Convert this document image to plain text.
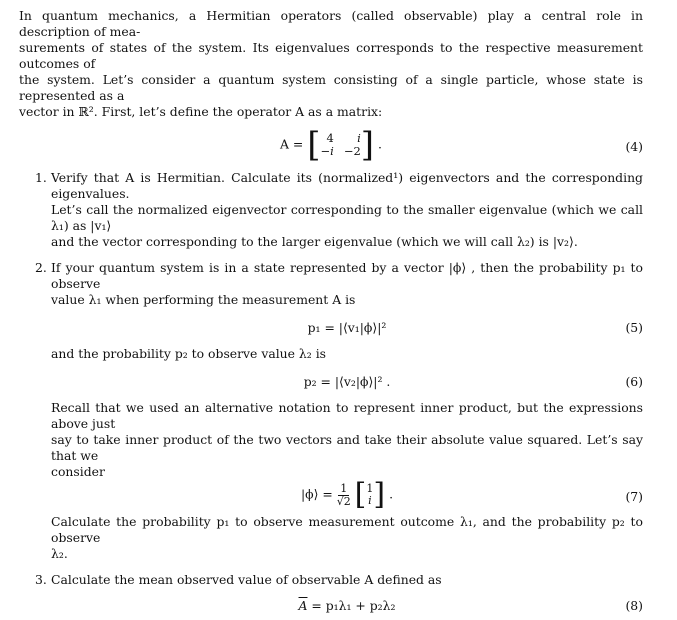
In quantum mechanics, a Hermitian operators (called observable) play a central role in description of mea-
surements of states of the system. Its eigenvalues corresponds to the respective measurement outcomes of
the system. Let’s consider a quantum system consisting of a single particle, whose state is represented as a
vector in ℝ². First, let’s define the operator A as a matrix:

A = [ 4	i
−i −2 ] .	(4)
1. Verify that A is Hermitian. Calculate its (normalized¹) eigenvectors and the corresponding eigenvalues.
Let’s call the normalized eigenvector corresponding to the smaller eigenvalue (which we call λ₁) as |v₁⟩
and the vector corresponding to the larger eigenvalue (which we will call λ₂) is |v₂⟩.
2. If your quantum system is in a state represented by a vector |ϕ⟩ , then the probability p₁ to observe
value λ₁ when performing the measurement A is
p₁ = |⟨v₁|ϕ⟩|²	(5)
and the probability p₂ to observe value λ₂ is
p₂ = |⟨v₂|ϕ⟩|² .	(6)
Recall that we used an alternative notation to represent inner product, but the expressions above just
say to take inner product of the two vectors and take their absolute value squared. Let’s say that we
consider
|ϕ⟩ = $\frac{1}{√2}$
[ 1
i ] .	(7)
Calculate the probability p₁ to observe measurement outcome λ₁, and the probability p₂ to observe
λ₂.
3. Calculate the mean observed value of observable A defined as
$\overline{A} = p_1\lambda_1 + p_2\lambda_2$	(8)
